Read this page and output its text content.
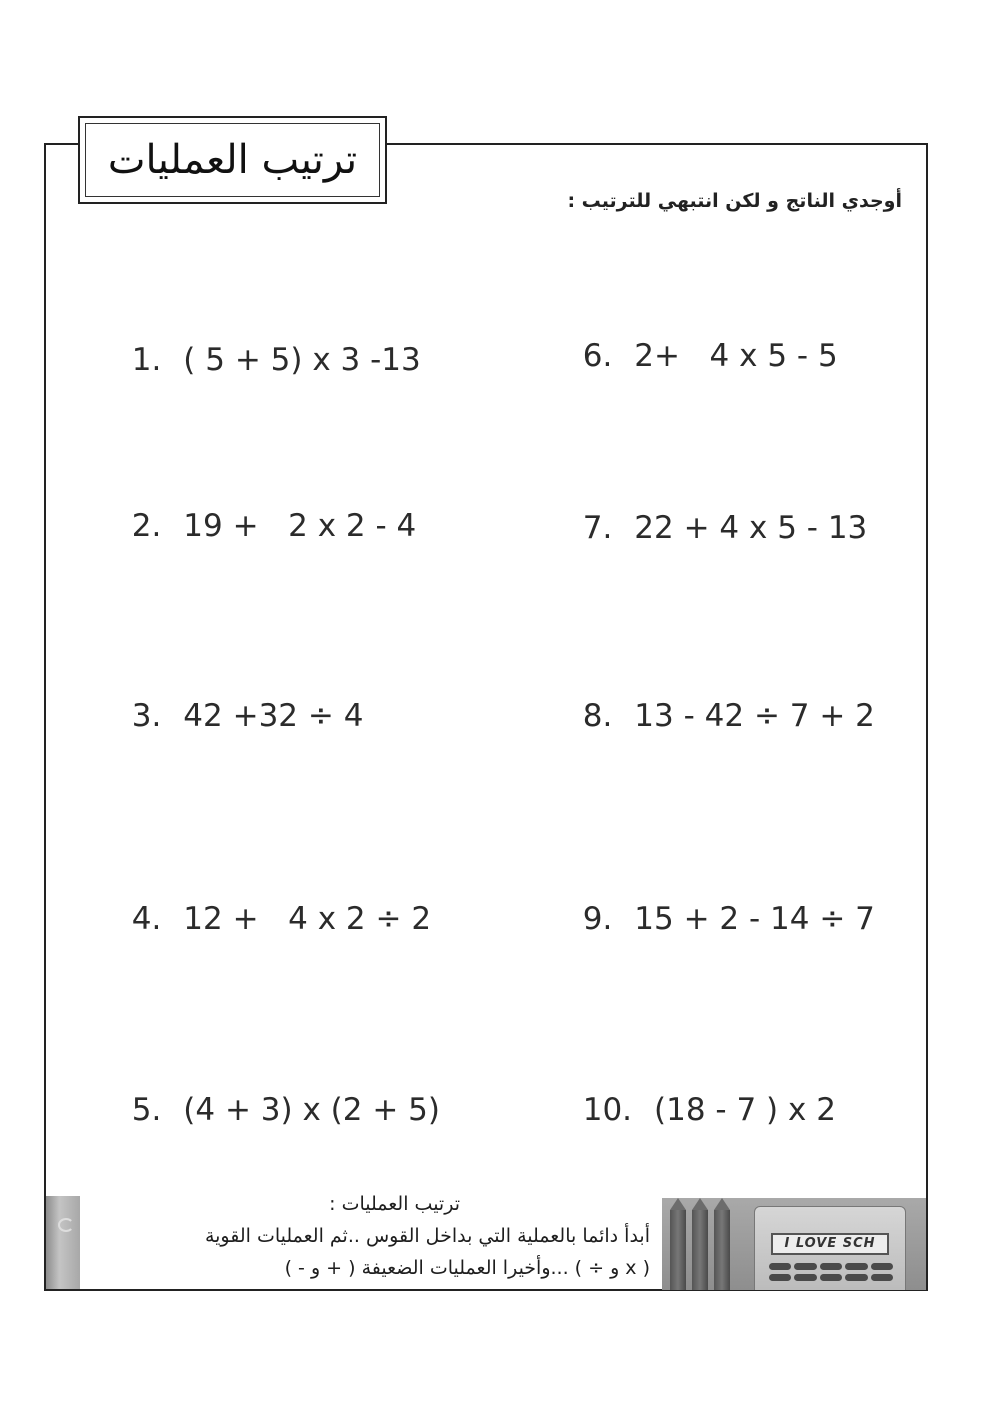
ترتيب العمليات
أوجدي الناتج و لكن انتبهي للترتيب :

1. ( 5 + 5) x 3 -13

2. 19 +   2 x 2 - 4

3. 42 +32 ÷ 4

4. 12 +   4 x 2 ÷ 2

5. (4 + 3) x (2 + 5)

6. 2+   4 x 5 - 5

7. 22 + 4 x 5 - 13

8. 13 - 42 ÷ 7 + 2

9. 15 + 2 - 14 ÷ 7

10. (18 - 7 ) x 2

ترتيب العمليات :
أبدأ دائما بالعملية التي بداخل القوس ..ثم العمليات القوية
( x و ÷ ) ...وأخيرا العمليات الضعيفة ( + و - )
I LOVE SCH
